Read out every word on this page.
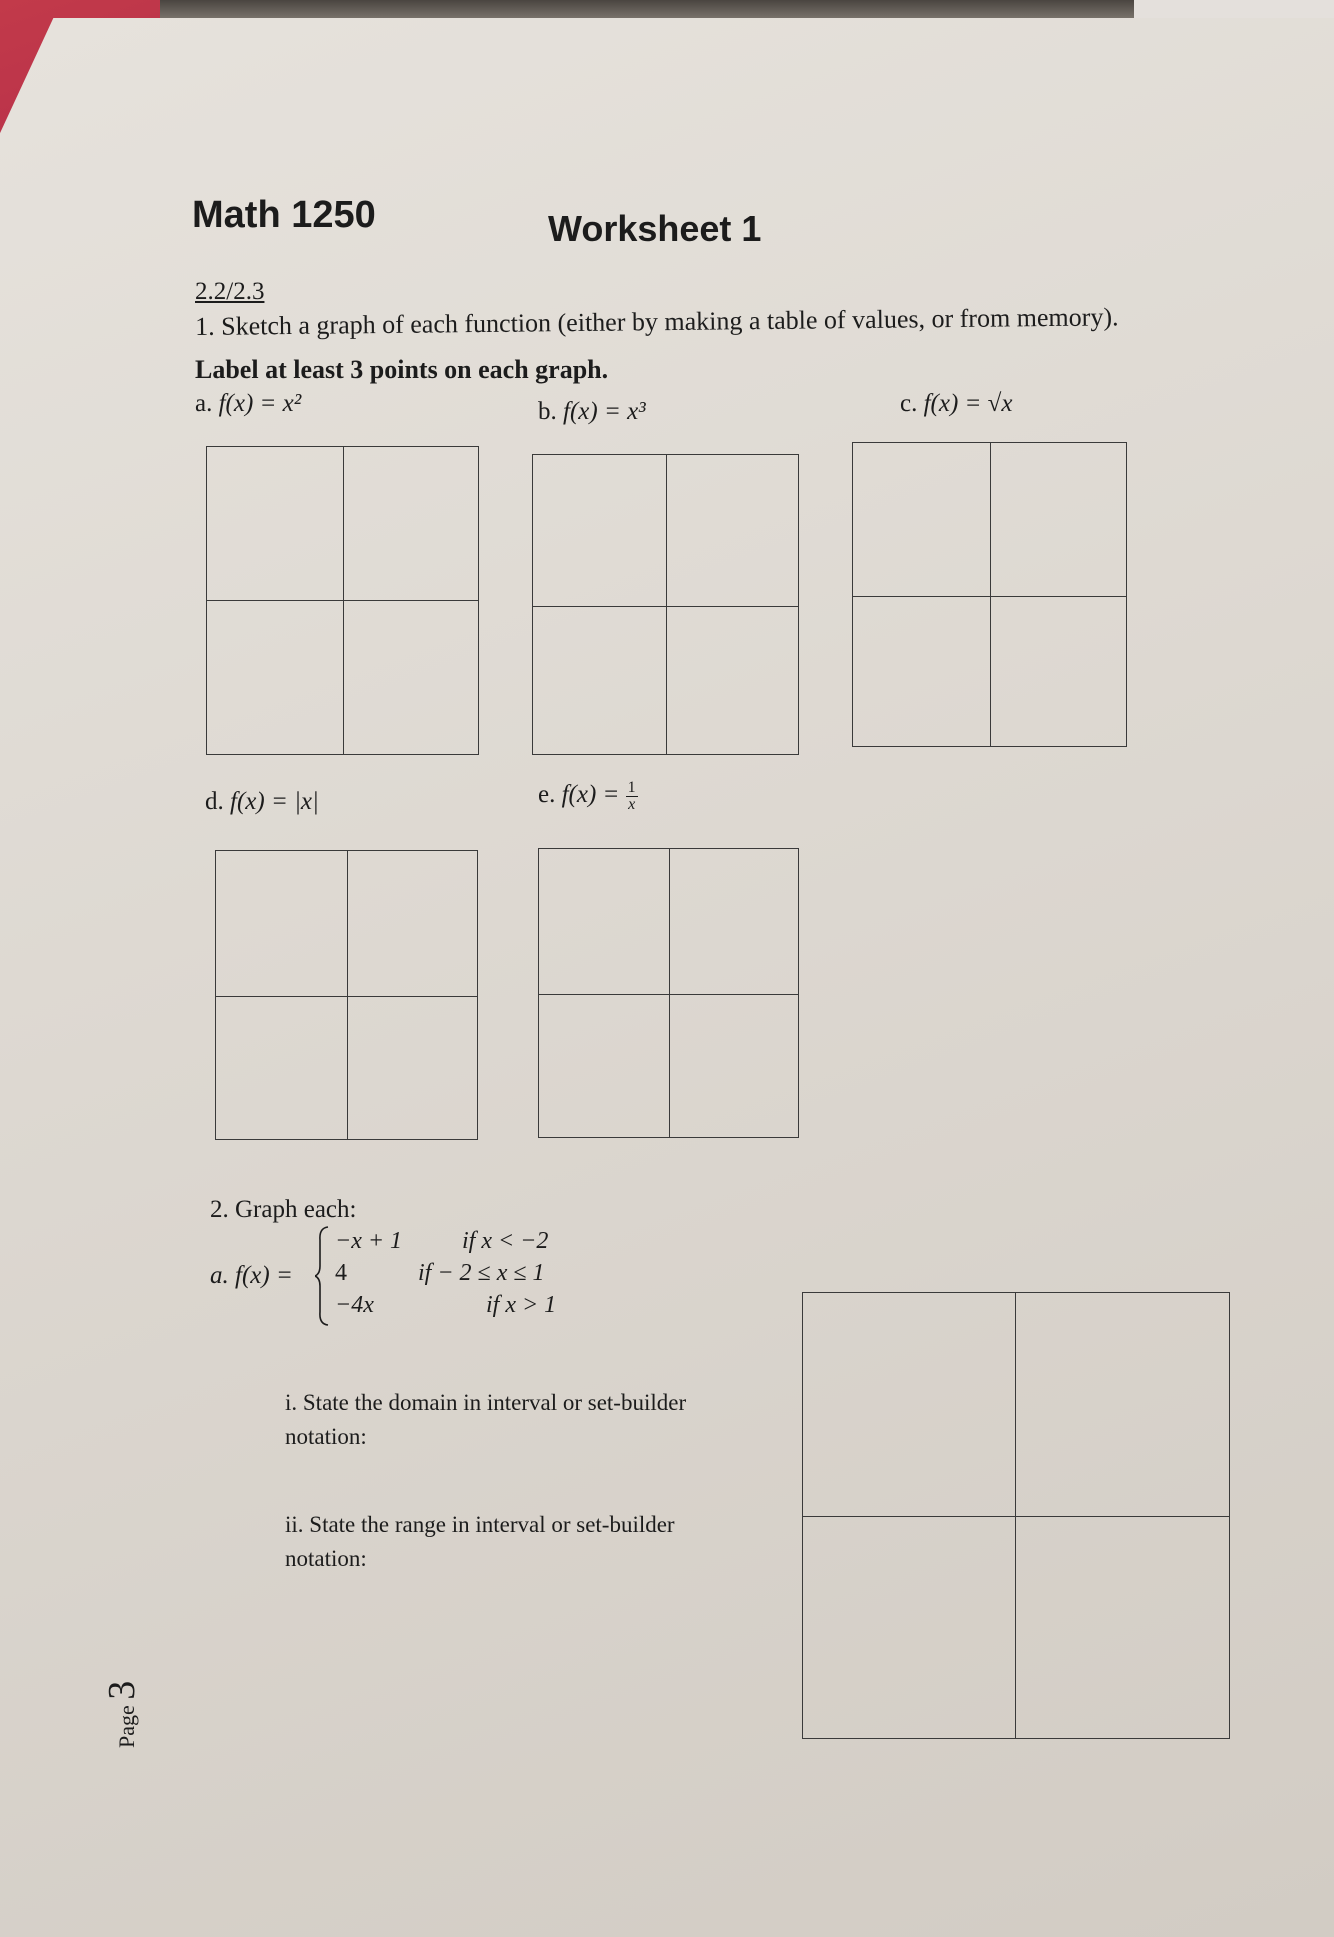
Math 1250	Worksheet 1
2.2/2.3
1. Sketch a graph of each function (either by making a table of values, or from memory).
Label at least 3 points on each graph.
a. f(x) = x²	b. f(x) = x³	c. f(x) = √x
d. f(x) = |x|	e. $f(x) = \frac{1}{x}$
2. Graph each:
a. f(x) =
−x + 1 if x < −2
4	if − 2 ≤ x ≤ 1
−4x	if x > 1
i. State the domain in interval or set-builder notation:
ii. State the range in interval or set-builder notation:
Page 3
